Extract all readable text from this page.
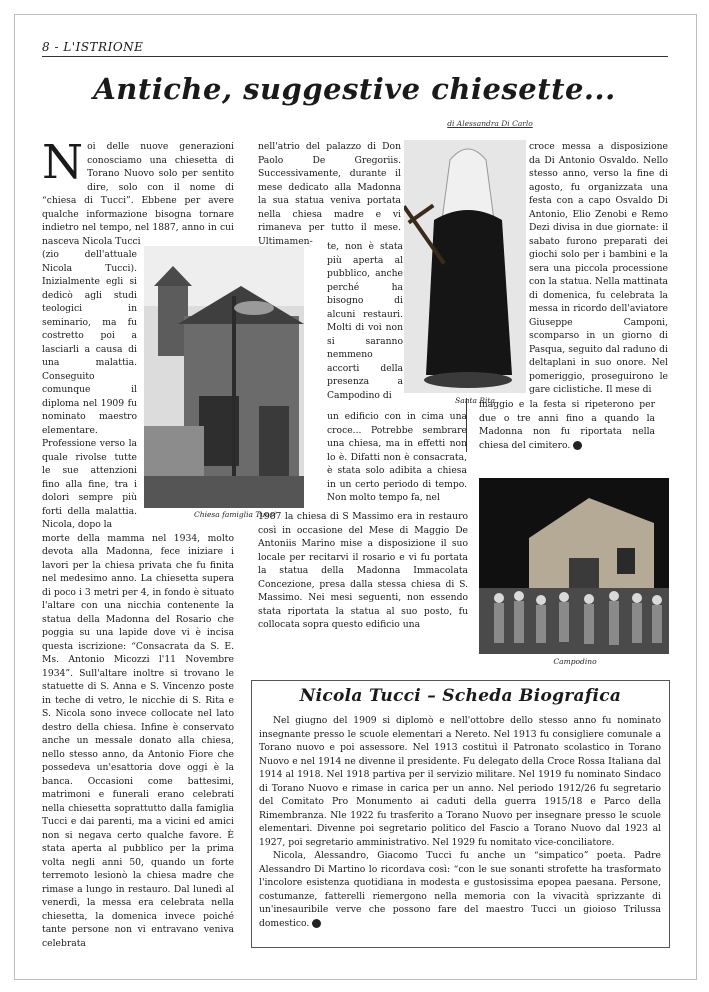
8 - L'ISTRIONE
Antiche, suggestive chiesette...
di Alessandra Di Carlo
N oi delle nuove generazioni conosciamo una chiesetta di Torano Nuovo solo per sentito dire, solo con il nome di “chiesa di Tucci”. Ebbene per avere qualche informazione bisogna tornare indietro nel tempo, nel 1887, anno in cui nasceva Nicola Tucci

(zio dell'attuale Nicola Tucci). Inizialmente egli si dedicò agli studi teologici in seminario, ma fu costretto poi a lasciarli a causa di una malattia. Conseguito comunque il diploma nel 1909 fu nominato maestro elementare. Professione verso la quale rivolse tutte le sue attenzioni fino alla fine, tra i dolori sempre più forti della malattia. Nicola, dopo la

morte della mamma nel 1934, molto devota alla Madonna, fece iniziare i lavori per la chiesa privata che fu finita nel medesimo anno. La chiesetta supera di poco i 3 metri per 4, in fondo è situato l'altare con una nicchia contenente la statua della Madonna del Rosario che poggia su una lapide dove vi è incisa questa iscrizione: “Consacrata da S. E. Ms. Antonio Micozzi l'11 Novembre 1934”. Sull'altare inoltre si trovano le statuette di S. Anna e S. Vincenzo poste in teche di vetro, le nicchie di S. Rita e S. Nicola sono invece collocate nel lato destro della chiesa. Infine è conservato anche un messale donato alla chiesa, nello stesso anno, da Antonio Fiore che possedeva un'esattoria dove oggi è la banca. Occasioni come battesimi, matrimoni e funerali erano celebrati nella chiesetta soprattutto dalla famiglia Tucci e dai parenti, ma a vicini ed amici non si negava certo qualche favore. È stata aperta al pubblico per la prima volta negli anni 50, quando un forte terremoto lesionò la chiesa madre che rimase a lungo in restauro. Dal lunedì al venerdì, la messa era celebrata nella chiesetta, la domenica invece poiché tante persone non vi entravano veniva celebrata

Chiesa famiglia Tucci
nell'atrio del palazzo di Don Paolo De Gregoriis. Successivamente, durante il mese dedicato alla Madonna la sua statua veniva portata nella chiesa madre e vi rimaneva per tutto il mese. Ultimamen-	te, non è stata più aperta al pubblico, anche perché ha bisogno di alcuni restauri. Molti di voi non si saranno nemmeno accorti della presenza a Campodino di
un edificio con in cima una croce... Potrebbe sembrare una chiesa, ma in effetti non lo è. Difatti non è consacrata, è stata solo adibita a chiesa in un certo periodo di tempo. Non molto tempo fa, nel
1987 la chiesa di S Massimo era in restauro così in occasione del Mese di Maggio De Antoniis Marino mise a disposizione il suo locale per recitarvi il rosario e vi fu portata la statua della Madonna Immacolata Concezione, presa dalla stessa chiesa di S. Massimo. Nei mesi seguenti, non essendo stata riportata la statua al suo posto, fu collocata sopra questo edificio una
Santa Rita
croce messa a disposizione da Di Antonio Osvaldo. Nello stesso anno, verso la fine di agosto, fu organizzata una festa con a capo Osvaldo Di Antonio, Elio Zenobi e Remo Dezi divisa in due giornate: il sabato furono preparati dei giochi solo per i bambini e la sera una piccola processione con la statua. Nella mattinata di domenica, fu celebrata la messa in ricordo dell'aviatore Giuseppe Camponi, scomparso in un giorno di Pasqua, seguito dal raduno di deltaplani in suo onore. Nel pomeriggio, proseguirono le gare ciclistiche. Il mese di
maggio e la festa si ripeterono per due o tre anni fino a quando la Madonna non fu riportata nella chiesa del cimitero.
Campodino
Nicola Tucci – Scheda Biografica

Nel giugno del 1909 si diplomò e nell'ottobre dello stesso anno fu nominato insegnante presso le scuole elementari a Nereto. Nel 1913 fu consigliere comunale a Torano nuovo e poi assessore. Nel 1913 costituì il Patronato scolastico in Torano Nuovo e nel 1914 ne divenne il presidente. Fu delegato della Croce Rossa Italiana dal 1914 al 1918. Nel 1918 partiva per il servizio militare. Nel 1919 fu nominato Sindaco di Torano Nuovo e rimase in carica per un anno. Nel periodo 1912/26 fu segretario del Comitato Pro Monumento ai caduti della guerra 1915/18 e Parco della Rimembranza. Nle 1922 fu trasferito a Torano Nuovo per insegnare presso le scuole elementari. Divenne poi segretario politico del Fascio a Torano Nuovo dal 1923 al 1927, poi segretario amministrativo. Nel 1929 fu nomitato vice-conciliatore.

Nicola, Alessandro, Giacomo Tucci fu anche un “simpatico” poeta. Padre Alessandro Di Martino lo ricordava così: “con le sue sonanti strofette ha trasformato l'incolore esistenza quotidiana in modesta e gustosissima epopea paesana. Persone, costumanze, fatterelli riemergono nella memoria con la vivacità sprizzante di un'inesauribile verve che possono fare del maestro Tucci un gioioso Trilussa domestico.
